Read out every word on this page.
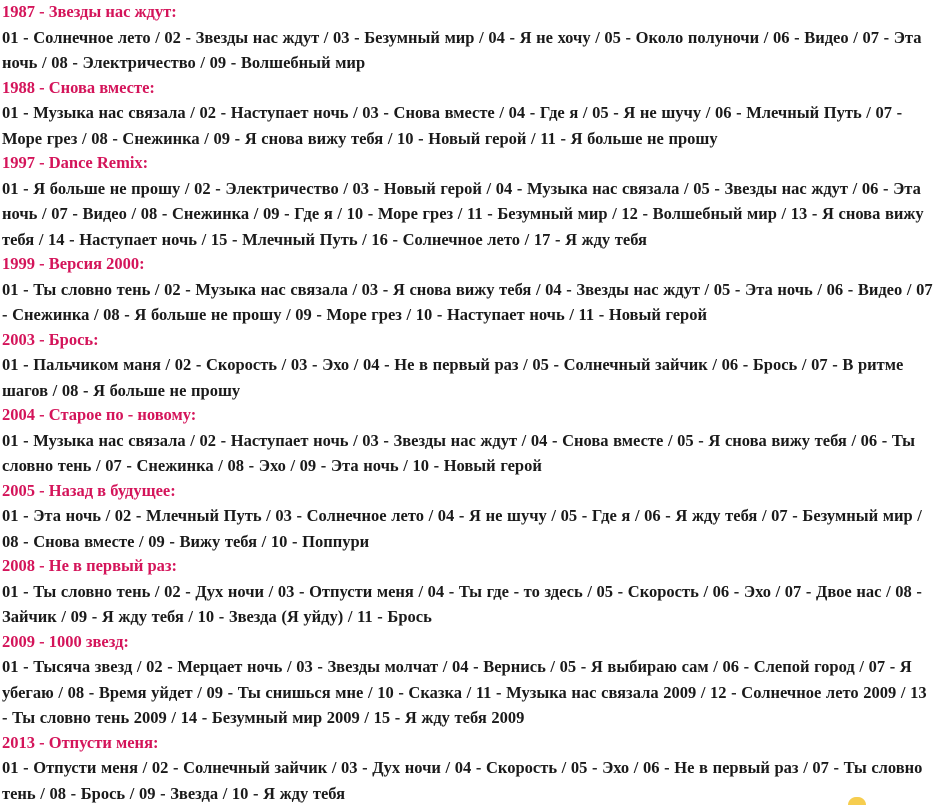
1987 - Звезды нас ждут:
01 - Солнечное лето / 02 - Звезды нас ждут / 03 - Безумный мир / 04 - Я не хочу / 05 - Около полуночи / 06 - Видео / 07 - Эта ночь / 08 - Электричество / 09 - Волшебный мир
1988 - Снова вместе:
01 - Музыка нас связала / 02 - Наступает ночь / 03 - Снова вместе / 04 - Где я / 05 - Я не шучу / 06 - Млечный Путь / 07 - Море грез / 08 - Снежинка / 09 - Я снова вижу тебя / 10 - Новый герой / 11 - Я больше не прошу
1997 - Dance Remix:
01 - Я больше не прошу / 02 - Электричество / 03 - Новый герой / 04 - Музыка нас связала / 05 - Звезды нас ждут / 06 - Эта ночь / 07 - Видео / 08 - Снежинка / 09 - Где я / 10 - Море грез / 11 - Безумный мир / 12 - Волшебный мир / 13 - Я снова вижу тебя / 14 - Наступает ночь / 15 - Млечный Путь / 16 - Солнечное лето / 17 - Я жду тебя
1999 - Версия 2000:
01 - Ты словно тень / 02 - Музыка нас связала / 03 - Я снова вижу тебя / 04 - Звезды нас ждут / 05 - Эта ночь / 06 - Видео / 07 - Снежинка / 08 - Я больше не прошу / 09 - Море грез / 10 - Наступает ночь / 11 - Новый герой
2003 - Брось:
01 - Пальчиком маня / 02 - Скорость / 03 - Эхо / 04 - Не в первый раз / 05 - Солнечный зайчик / 06 - Брось / 07 - В ритме шагов / 08 - Я больше не прошу
2004 - Старое по - новому:
01 - Музыка нас связала / 02 - Наступает ночь / 03 - Звезды нас ждут / 04 - Снова вместе / 05 - Я снова вижу тебя / 06 - Ты словно тень / 07 - Снежинка / 08 - Эхо / 09 - Эта ночь / 10 - Новый герой
2005 - Назад в будущее:
01 - Эта ночь / 02 - Млечный Путь / 03 - Солнечное лето / 04 - Я не шучу / 05 - Где я / 06 - Я жду тебя / 07 - Безумный мир / 08 - Снова вместе / 09 - Вижу тебя / 10 - Поппури
2008 - Не в первый раз:
01 - Ты словно тень / 02 - Дух ночи / 03 - Отпусти меня / 04 - Ты где - то здесь / 05 - Скорость / 06 - Эхо / 07 - Двое нас / 08 - Зайчик / 09 - Я жду тебя / 10 - Звезда (Я уйду) / 11 - Брось
2009 - 1000 звезд:
01 - Тысяча звезд / 02 - Мерцает ночь / 03 - Звезды молчат / 04 - Вернись / 05 - Я выбираю сам / 06 - Слепой город / 07 - Я убегаю / 08 - Время уйдет / 09 - Ты снишься мне / 10 - Сказка / 11 - Музыка нас связала 2009 / 12 - Солнечное лето 2009 / 13 - Ты словно тень 2009 / 14 - Безумный мир 2009 / 15 - Я жду тебя 2009
2013 - Отпусти меня:
01 - Отпусти меня / 02 - Солнечный зайчик / 03 - Дух ночи / 04 - Скорость / 05 - Эхо / 06 - Не в первый раз / 07 - Ты словно тень / 08 - Брось / 09 - Звезда / 10 - Я жду тебя
